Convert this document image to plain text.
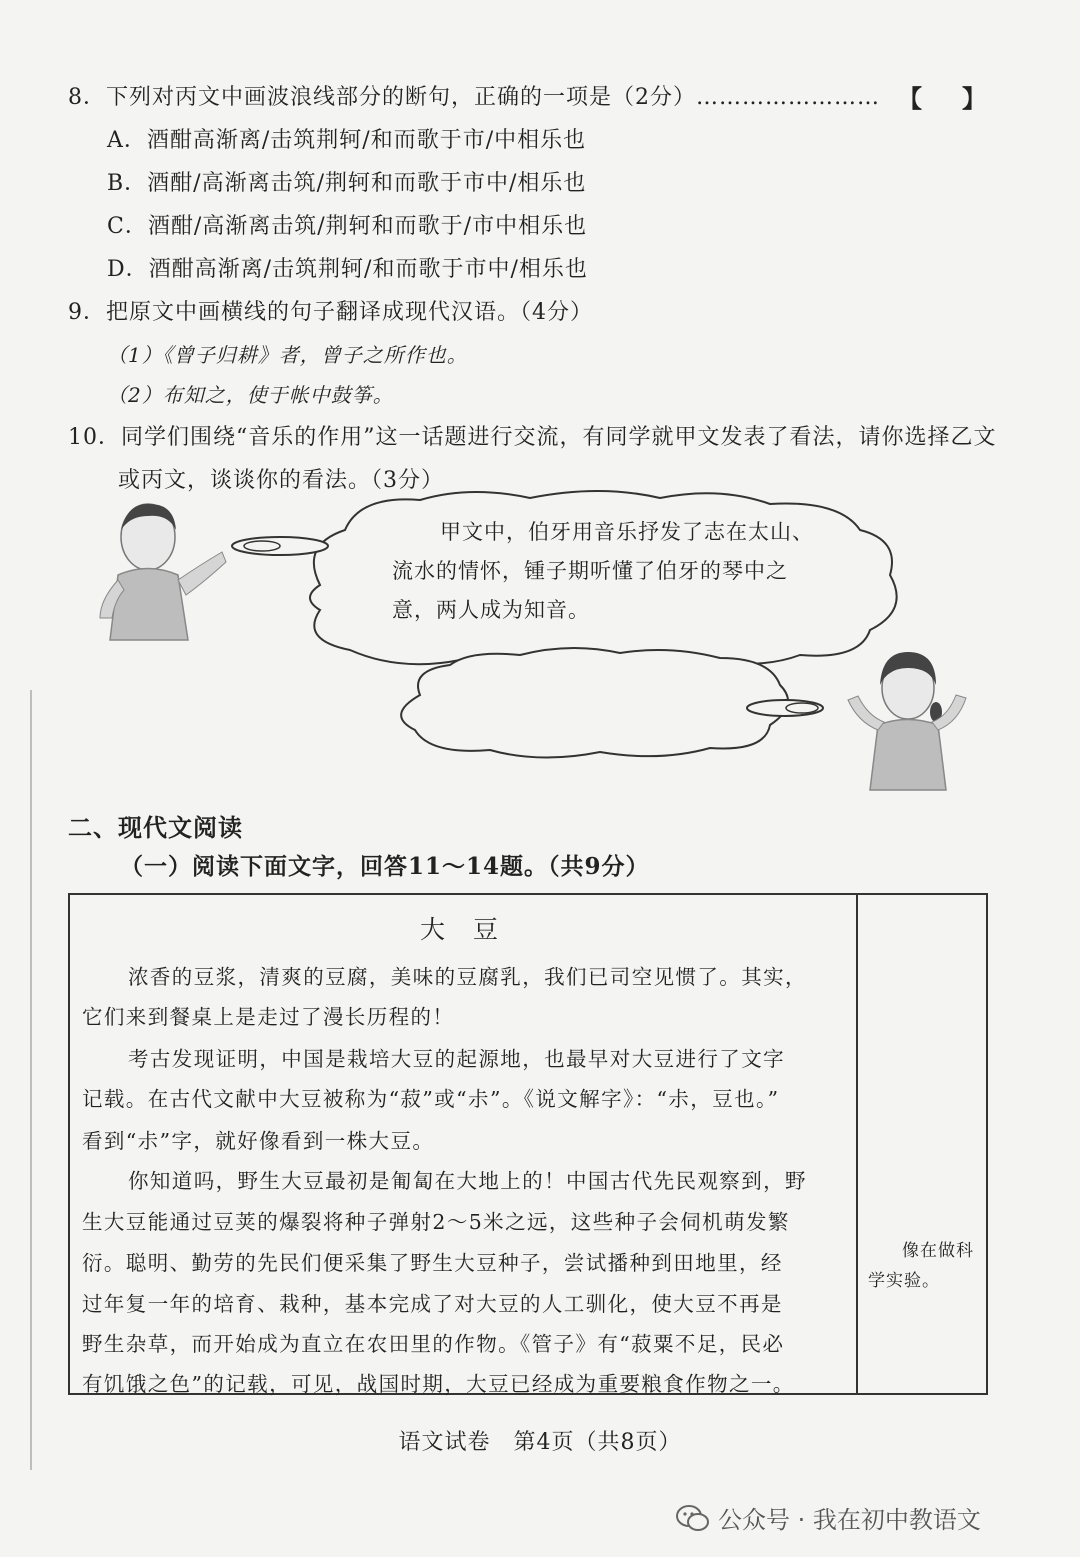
8．下列对丙文中画波浪线部分的断句，正确的一项是（2分）…………………… 【 】
A．酒酣高渐离/击筑荆轲/和而歌于市/中相乐也
B．酒酣/高渐离击筑/荆轲和而歌于市中/相乐也
C．酒酣/高渐离击筑/荆轲和而歌于/市中相乐也
D．酒酣高渐离/击筑荆轲/和而歌于市中/相乐也
9．把原文中画横线的句子翻译成现代汉语。（4分）
（1）《曾子归耕》者，曾子之所作也。
（2）布知之，使于帐中鼓筝。
10．同学们围绕“音乐的作用”这一话题进行交流，有同学就甲文发表了看法，请你选择乙文
或丙文，谈谈你的看法。（3分）
甲文中，伯牙用音乐抒发了志在太山、
流水的情怀，锺子期听懂了伯牙的琴中之
意，两人成为知音。
二、现代文阅读
（一）阅读下面文字，回答11～14题。（共9分）
大豆
浓香的豆浆，清爽的豆腐，美味的豆腐乳，我们已司空见惯了。其实，
它们来到餐桌上是走过了漫长历程的！
考古发现证明，中国是栽培大豆的起源地，也最早对大豆进行了文字
记载。在古代文献中大豆被称为“菽”或“尗”。《说文解字》：“尗，豆也。”
看到“尗”字，就好像看到一株大豆。
你知道吗，野生大豆最初是匍匐在大地上的！中国古代先民观察到，野
生大豆能通过豆荚的爆裂将种子弹射2～5米之远，这些种子会伺机萌发繁
衍。聪明、勤劳的先民们便采集了野生大豆种子，尝试播种到田地里，经
过年复一年的培育、栽种，基本完成了对大豆的人工驯化，使大豆不再是
野生杂草，而开始成为直立在农田里的作物。《管子》有“菽粟不足，民必
有饥饿之色”的记载，可见，战国时期，大豆已经成为重要粮食作物之一。
像在做科
学实验。
语文试卷　第4页（共8页）
公众号 · 我在初中教语文
